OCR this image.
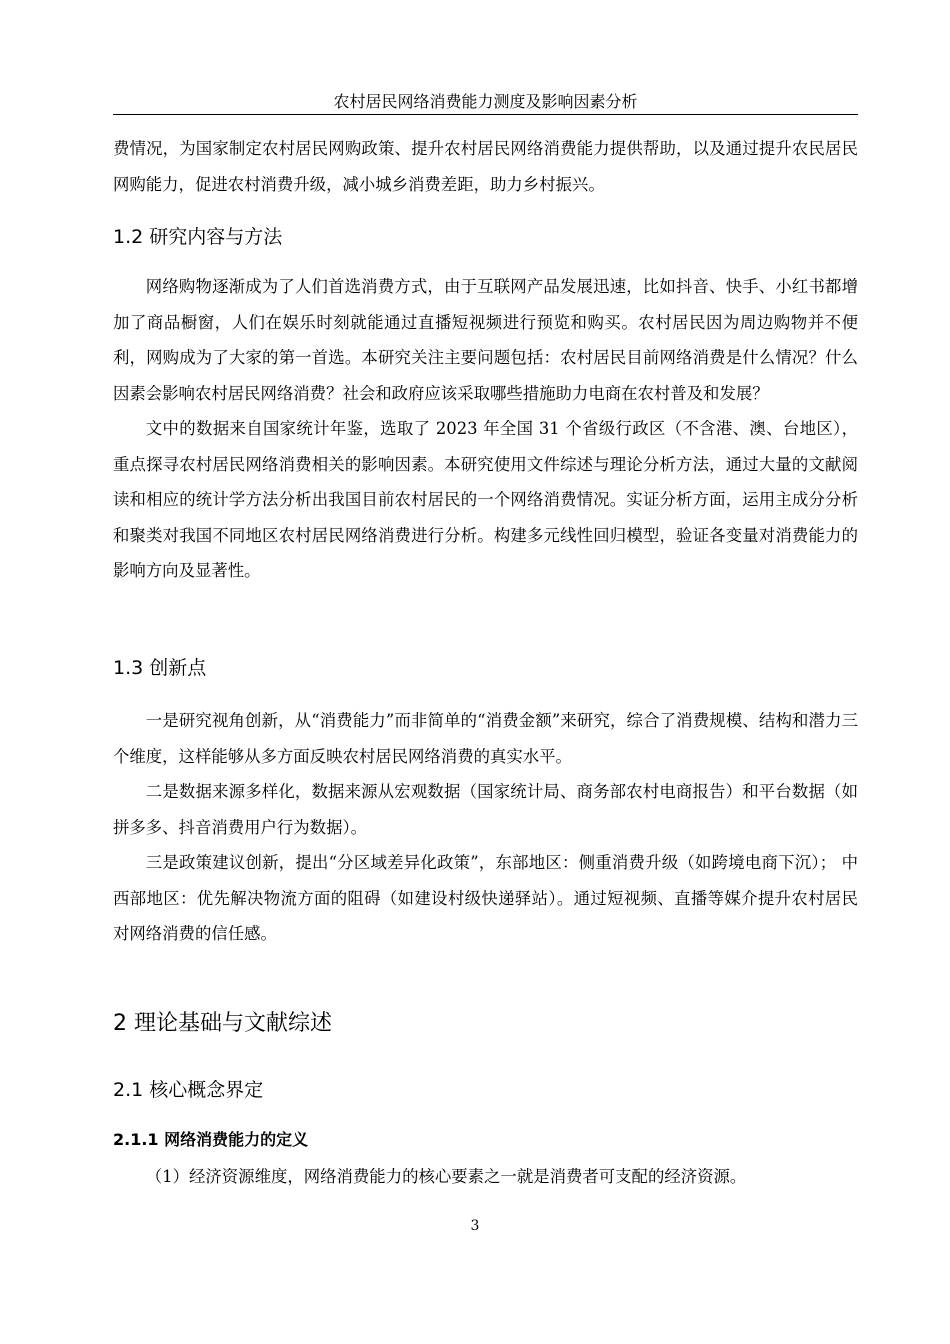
农村居民网络消费能力测度及影响因素分析

费情况，为国家制定农村居民网购政策、提升农村居民网络消费能力提供帮助，以及通过提升农民居民网购能力，促进农村消费升级，减小城乡消费差距，助力乡村振兴。

1.2 研究内容与方法

网络购物逐渐成为了人们首选消费方式，由于互联网产品发展迅速，比如抖音、快手、小红书都增加了商品橱窗，人们在娱乐时刻就能通过直播短视频进行预览和购买。农村居民因为周边购物并不便利，网购成为了大家的第一首选。本研究关注主要问题包括：农村居民目前网络消费是什么情况？什么因素会影响农村居民网络消费？社会和政府应该采取哪些措施助力电商在农村普及和发展？

文中的数据来自国家统计年鉴，选取了 2023 年全国 31 个省级行政区（不含港、澳、台地区），重点探寻农村居民网络消费相关的影响因素。本研究使用文件综述与理论分析方法，通过大量的文献阅读和相应的统计学方法分析出我国目前农村居民的一个网络消费情况。实证分析方面，运用主成分分析和聚类对我国不同地区农村居民网络消费进行分析。构建多元线性回归模型，验证各变量对消费能力的影响方向及显著性。

1.3 创新点

一是研究视角创新，从“消费能力”而非简单的“消费金额”来研究，综合了消费规模、结构和潜力三个维度，这样能够从多方面反映农村居民网络消费的真实水平。

二是数据来源多样化，数据来源从宏观数据（国家统计局、商务部农村电商报告）和平台数据（如拼多多、抖音消费用户行为数据）。

三是政策建议创新，提出“分区域差异化政策”，东部地区：侧重消费升级（如跨境电商下沉）； 中西部地区：优先解决物流方面的阻碍（如建设村级快递驿站）。通过短视频、直播等媒介提升农村居民对网络消费的信任感。

2 理论基础与文献综述
2.1 核心概念界定
2.1.1 网络消费能力的定义

（1）经济资源维度，网络消费能力的核心要素之一就是消费者可支配的经济资源。

3
